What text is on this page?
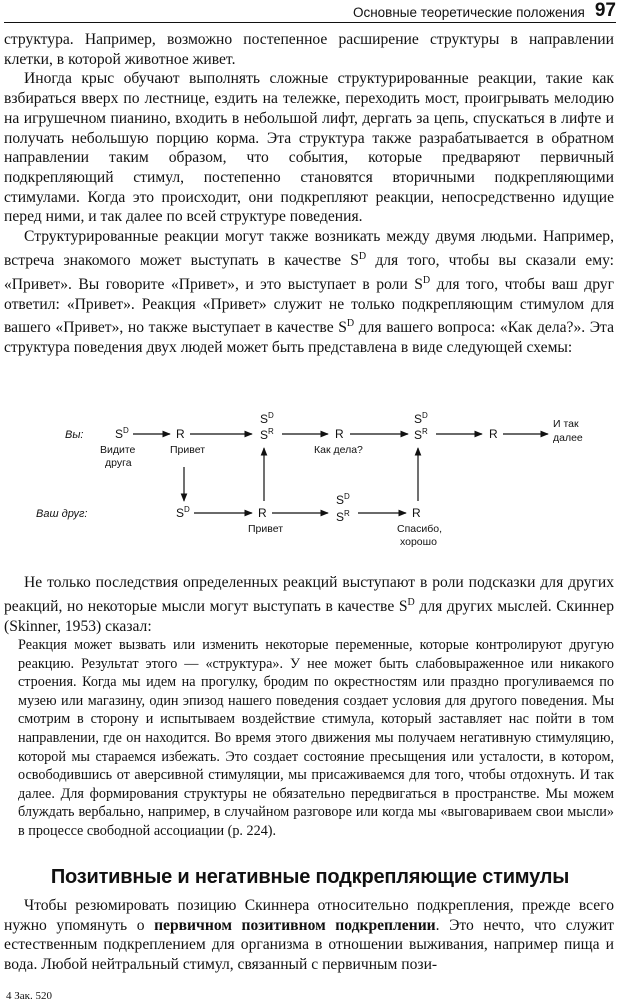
Основные теоретические положения 97

структура. Например, возможно постепенное расширение структуры в направлении клетки, в которой животное живет.

Иногда крыс обучают выполнять сложные структурированные реакции, такие как взбираться вверх по лестнице, ездить на тележке, переходить мост, проигрывать мелодию на игрушечном пианино, входить в небольшой лифт, дергать за цепь, спускаться в лифте и получать небольшую порцию корма. Эта структура также разрабатывается в обратном направлении таким образом, что события, которые предваряют первичный подкрепляющий стимул, постепенно становятся вторичными подкрепляющими стимулами. Когда это происходит, они подкрепляют реакции, непосредственно идущие перед ними, и так далее по всей структуре поведения.

Структурированные реакции могут также возникать между двумя людьми. Например, встреча знакомого может выступать в качестве $S^D$ для того, чтобы вы сказали ему: «Привет». Вы говорите «Привет», и это выступает в роли $S^D$ для того, чтобы ваш друг ответил: «Привет». Реакция «Привет» служит не только подкрепляющим стимулом для вашего «Привет», но также выступает в качестве $S^D$ для вашего вопроса: «Как дела?». Эта структура поведения двух людей может быть представлена в виде следующей схемы:

Вы:
Ваш друг:
$S^D$	R
$S^D$
$S^R$	R
$S^D$
$S^R$	R
И так
далее
Видите
друга
Привет	Как дела?
$S^D$	R
$S^D$
$S^R$	R
Привет	Спасибо,
хорошо

Не только последствия определенных реакций выступают в роли подсказки для других реакций, но некоторые мысли могут выступать в качестве $S^D$ для других мыслей. Скиннер (Skinner, 1953) сказал:

Реакция может вызвать или изменить некоторые переменные, которые контролируют другую реакцию. Результат этого — «структура». У нее может быть слабовыраженное или никакого строения. Когда мы идем на прогулку, бродим по окрестностям или праздно прогуливаемся по музею или магазину, один эпизод нашего поведения создает условия для другого поведения. Мы смотрим в сторону и испытываем воздействие стимула, который заставляет нас пойти в том направлении, где он находится. Во время этого движения мы получаем негативную стимуляцию, которой мы стараемся избежать. Это создает состояние пресыщения или усталости, в котором, освободившись от аверсивной стимуляции, мы присаживаемся для того, чтобы отдохнуть. И так далее. Для формирования структуры не обязательно передвигаться в пространстве. Мы можем блуждать вербально, например, в случайном разговоре или когда мы «выговариваем свои мысли» в процессе свободной ассоциации (p. 224).

Позитивные и негативные подкрепляющие стимулы

Чтобы резюмировать позицию Скиннера относительно подкрепления, прежде всего нужно упомянуть о первичном позитивном подкреплении. Это нечто, что служит естественным подкреплением для организма в отношении выживания, например пища и вода. Любой нейтральный стимул, связанный с первичным пози-

4 Зак. 520
